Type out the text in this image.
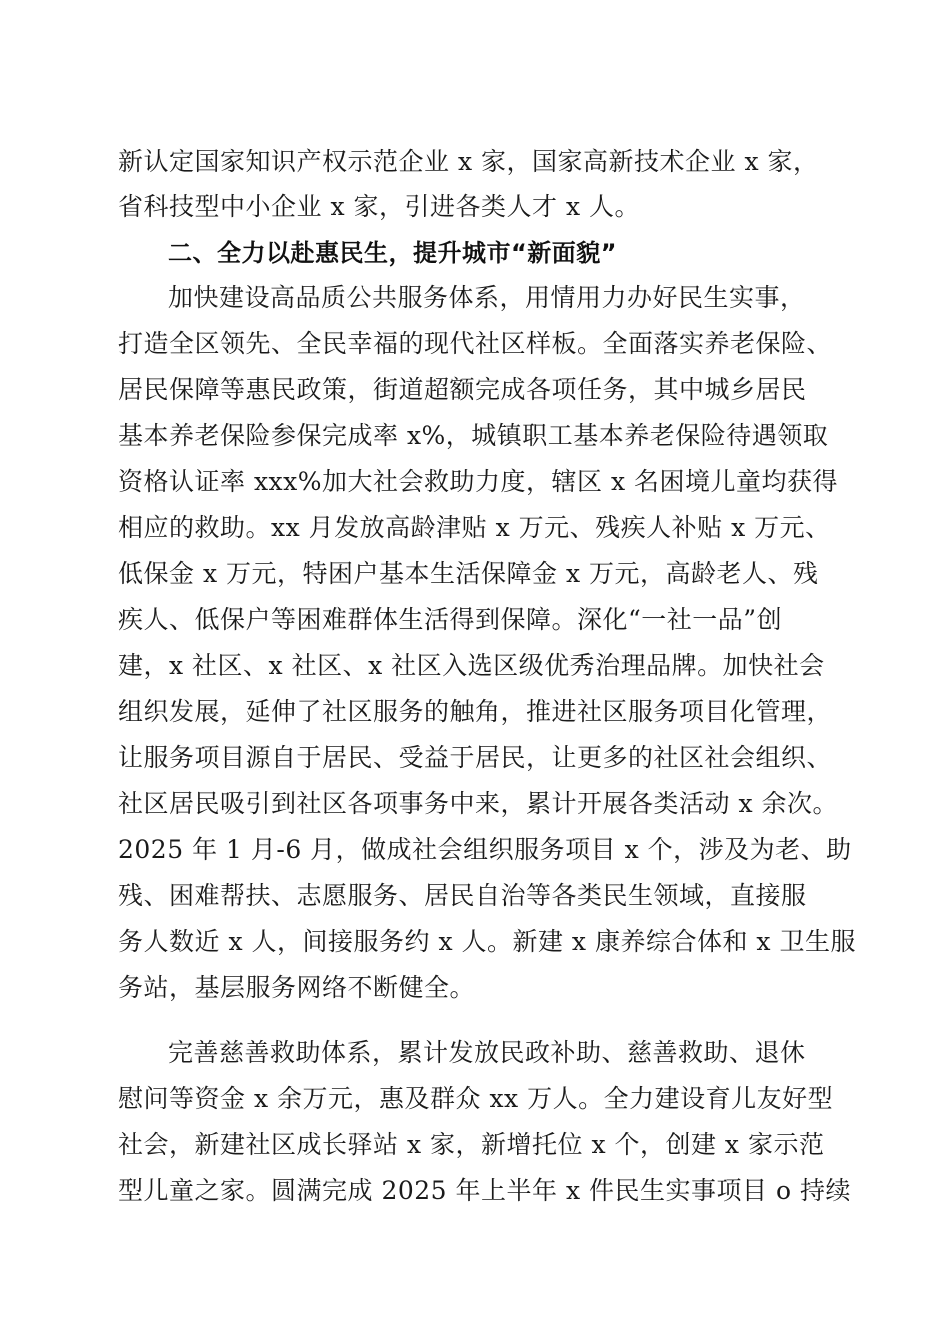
新认定国家知识产权示范企业 x 家，国家高新技术企业 x 家，
省科技型中小企业 x 家，引进各类人才 x 人。
二、全力以赴惠民生，提升城市“新面貌”
加快建设高品质公共服务体系，用情用力办好民生实事，
打造全区领先、全民幸福的现代社区样板。全面落实养老保险、
居民保障等惠民政策，街道超额完成各项任务，其中城乡居民
基本养老保险参保完成率 x%，城镇职工基本养老保险待遇领取
资格认证率 xxx%加大社会救助力度，辖区 x 名困境儿童均获得
相应的救助。xx 月发放高龄津贴 x 万元、残疾人补贴 x 万元、
低保金 x 万元，特困户基本生活保障金 x 万元，高龄老人、残
疾人、低保户等困难群体生活得到保障。深化“一社一品”创
建，x 社区、x 社区、x 社区入选区级优秀治理品牌。加快社会
组织发展，延伸了社区服务的触角，推进社区服务项目化管理，
让服务项目源自于居民、受益于居民，让更多的社区社会组织、
社区居民吸引到社区各项事务中来，累计开展各类活动 x 余次。
2025 年 1 月-6 月，做成社会组织服务项目 x 个，涉及为老、助
残、困难帮扶、志愿服务、居民自治等各类民生领域，直接服
务人数近 x 人，间接服务约 x 人。新建 x 康养综合体和 x 卫生服
务站，基层服务网络不断健全。
完善慈善救助体系，累计发放民政补助、慈善救助、退休
慰问等资金 x 余万元，惠及群众 xx 万人。全力建设育儿友好型
社会，新建社区成长驿站 x 家，新增托位 x 个，创建 x 家示范
型儿童之家。圆满完成 2025 年上半年 x 件民生实事项目 o 持续
